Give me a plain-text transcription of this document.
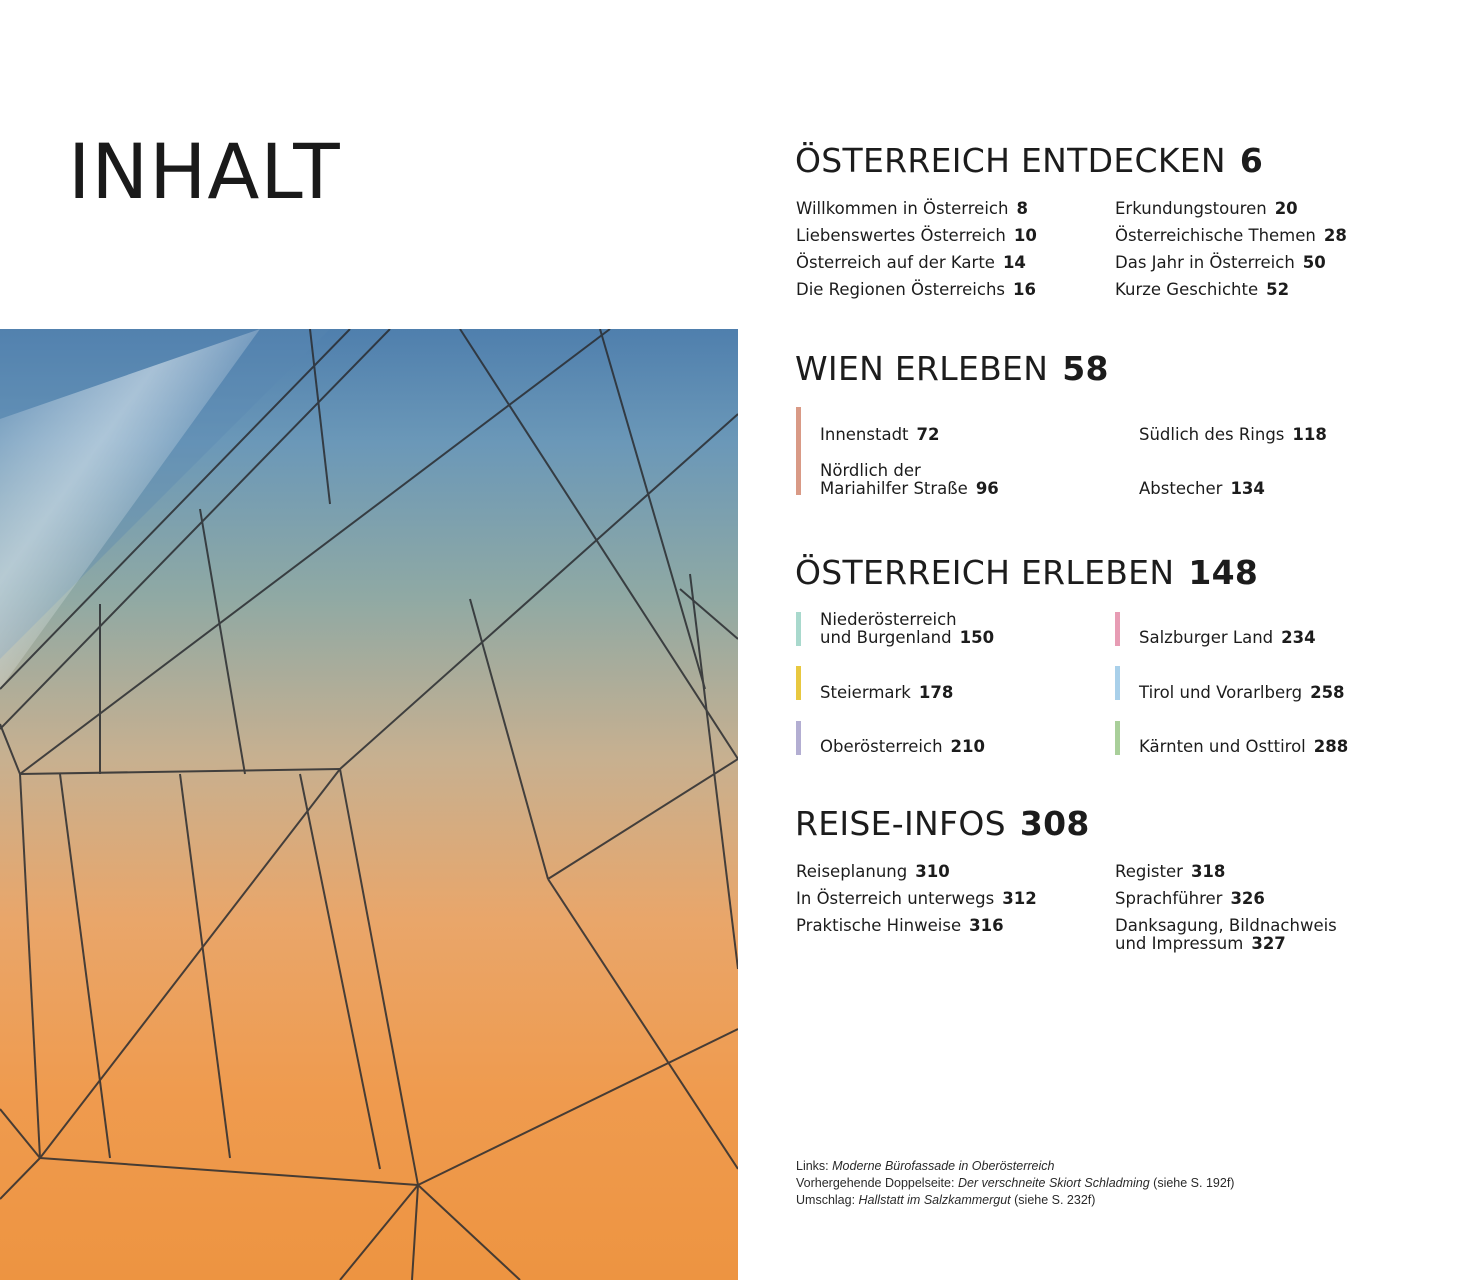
INHALT	ÖSTERREICH ENTDECKEN 6
Willkommen in Österreich 8
Liebenswertes Österreich 10
Österreich auf der Karte 14
Die Regionen Österreichs 16
Erkundungstouren 20
Österreichische Themen 28
Das Jahr in Österreich 50
Kurze Geschichte 52
WIEN ERLEBEN 58
Innenstadt 72
Nördlich der
Mariahilfer Straße 96
Südlich des Rings 118
Abstecher 134
ÖSTERREICH ERLEBEN 148
Niederösterreich
und Burgenland 150
Steiermark 178
Oberösterreich 210
Salzburger Land 234
Tirol und Vorarlberg 258
Kärnten und Osttirol 288
REISE-INFOS 308
Reiseplanung 310
In Österreich unterwegs 312
Praktische Hinweise 316
Register 318
Sprachführer 326
Danksagung, Bildnachweis
und Impressum 327
Links: Moderne Bürofassade in Oberösterreich
Vorhergehende Doppelseite: Der verschneite Skiort Schladming (siehe S. 192f)
Umschlag: Hallstatt im Salzkammergut (siehe S. 232f)
